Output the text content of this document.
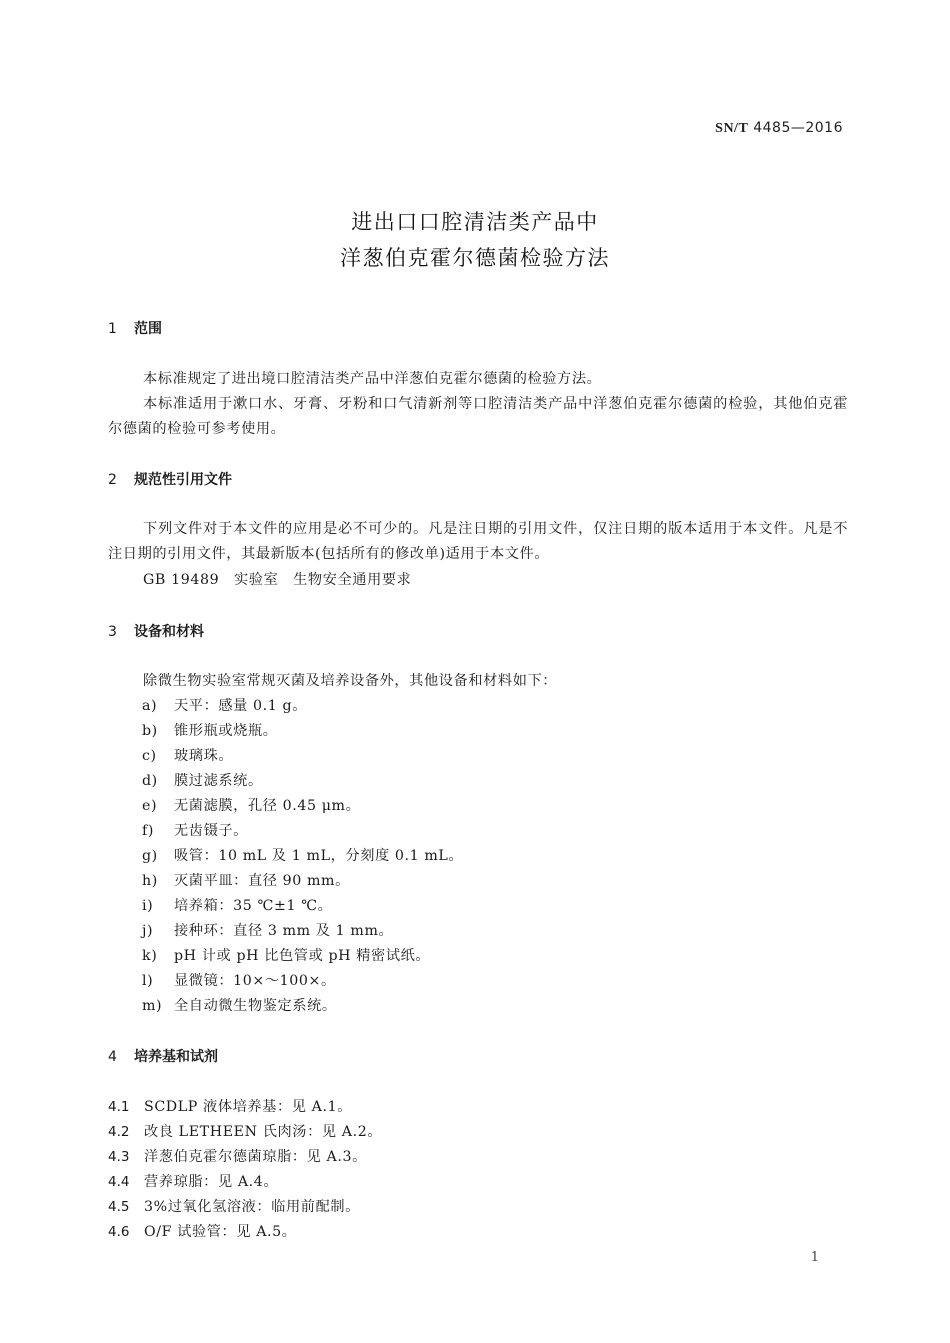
SN/T 4485—2016
进出口口腔清洁类产品中
洋葱伯克霍尔德菌检验方法
1 范围
本标准规定了进出境口腔清洁类产品中洋葱伯克霍尔德菌的检验方法。
本标准适用于漱口水、牙膏、牙粉和口气清新剂等口腔清洁类产品中洋葱伯克霍尔德菌的检验，其他伯克霍尔德菌的检验可参考使用。
2 规范性引用文件
下列文件对于本文件的应用是必不可少的。凡是注日期的引用文件，仅注日期的版本适用于本文件。凡是不注日期的引用文件，其最新版本(包括所有的修改单)适用于本文件。
GB 19489　实验室　生物安全通用要求
3 设备和材料
除微生物实验室常规灭菌及培养设备外，其他设备和材料如下：
a) 天平：感量 0.1 g。
b) 锥形瓶或烧瓶。
c) 玻璃珠。
d) 膜过滤系统。
e) 无菌滤膜，孔径 0.45 μm。
f) 无齿镊子。
g) 吸管：10 mL 及 1 mL，分刻度 0.1 mL。
h) 灭菌平皿：直径 90 mm。
i) 培养箱：35 ℃±1 ℃。
j) 接种环：直径 3 mm 及 1 mm。
k) pH 计或 pH 比色管或 pH 精密试纸。
l) 显微镜：10×～100×。
m) 全自动微生物鉴定系统。
4 培养基和试剂
4.1 SCDLP 液体培养基：见 A.1。
4.2 改良 LETHEEN 氏肉汤：见 A.2。
4.3 洋葱伯克霍尔德菌琼脂：见 A.3。
4.4 营养琼脂：见 A.4。
4.5 3%过氧化氢溶液：临用前配制。
4.6 O/F 试验管：见 A.5。
1
